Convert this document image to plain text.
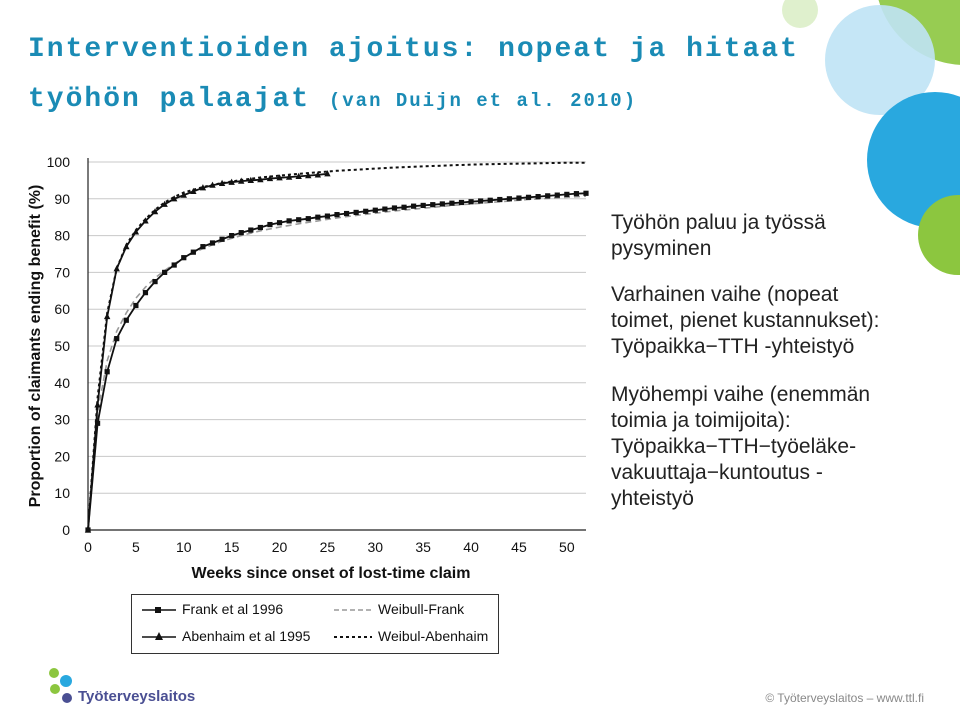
Interventioiden ajoitus: nopeat ja hitaat
työhön palaajat (van Duijn et al. 2010)
0
10
20
30
40
50
60
70
80
90
100
0	5	10 15 20 25 30 35 40 45 50
Weeks since onset of lost-time claim
Proportion of claimants ending benefit (%)	Työhön paluu ja työssä
pysyminen
Varhainen vaihe (nopeat
toimet, pienet kustannukset):
Työpaikka−TTH -yhteistyö
Myöhempi vaihe (enemmän
toimia ja toimijoita):
Työpaikka−TTH−työeläke-
vakuuttaja−kuntoutus -
yhteistyö
Frank et al 1996
Abenhaim et al 1995
Weibull-Frank
Weibul-Abenhaim
Työterveyslaitos	© Työterveyslaitos – www.ttl.fi
